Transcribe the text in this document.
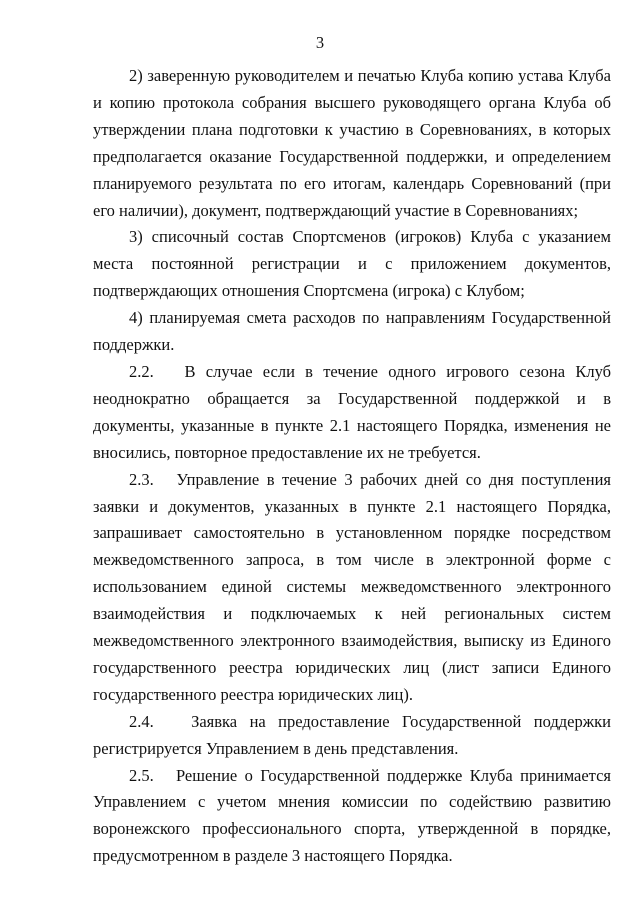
3

2) заверенную руководителем и печатью Клуба копию устава Клуба и копию протокола собрания высшего руководящего органа Клуба об утверждении плана подготовки к участию в Соревнованиях, в которых предполагается оказание Государственной поддержки, и определением планируемого результата по его итогам, календарь Соревнований (при его наличии), документ, подтверждающий участие в Соревнованиях;

3) списочный состав Спортсменов (игроков) Клуба с указанием места постоянной регистрации и с приложением документов, подтверждающих отношения Спортсмена (игрока) с Клубом;

4) планируемая смета расходов по направлениям Государственной поддержки.

2.2.   В случае если в течение одного игрового сезона Клуб неоднократно обращается за Государственной поддержкой и в документы, указанные в пункте 2.1 настоящего Порядка, изменения не вносились, повторное предоставление их не требуется.

2.3.   Управление в течение 3 рабочих дней со дня поступления заявки и документов, указанных в пункте 2.1 настоящего Порядка, запрашивает самостоятельно в установленном порядке посредством межведомственного запроса, в том числе в электронной форме с использованием единой системы межведомственного электронного взаимодействия и подключаемых к ней региональных систем межведомственного электронного взаимодействия, выписку из Единого государственного реестра юридических лиц (лист записи Единого государственного реестра юридических лиц).

2.4.   Заявка на предоставление Государственной поддержки регистрируется Управлением в день представления.

2.5.   Решение о Государственной поддержке Клуба принимается Управлением с учетом мнения комиссии по содействию развитию воронежского профессионального спорта, утвержденной в порядке, предусмотренном в разделе 3 настоящего Порядка.
